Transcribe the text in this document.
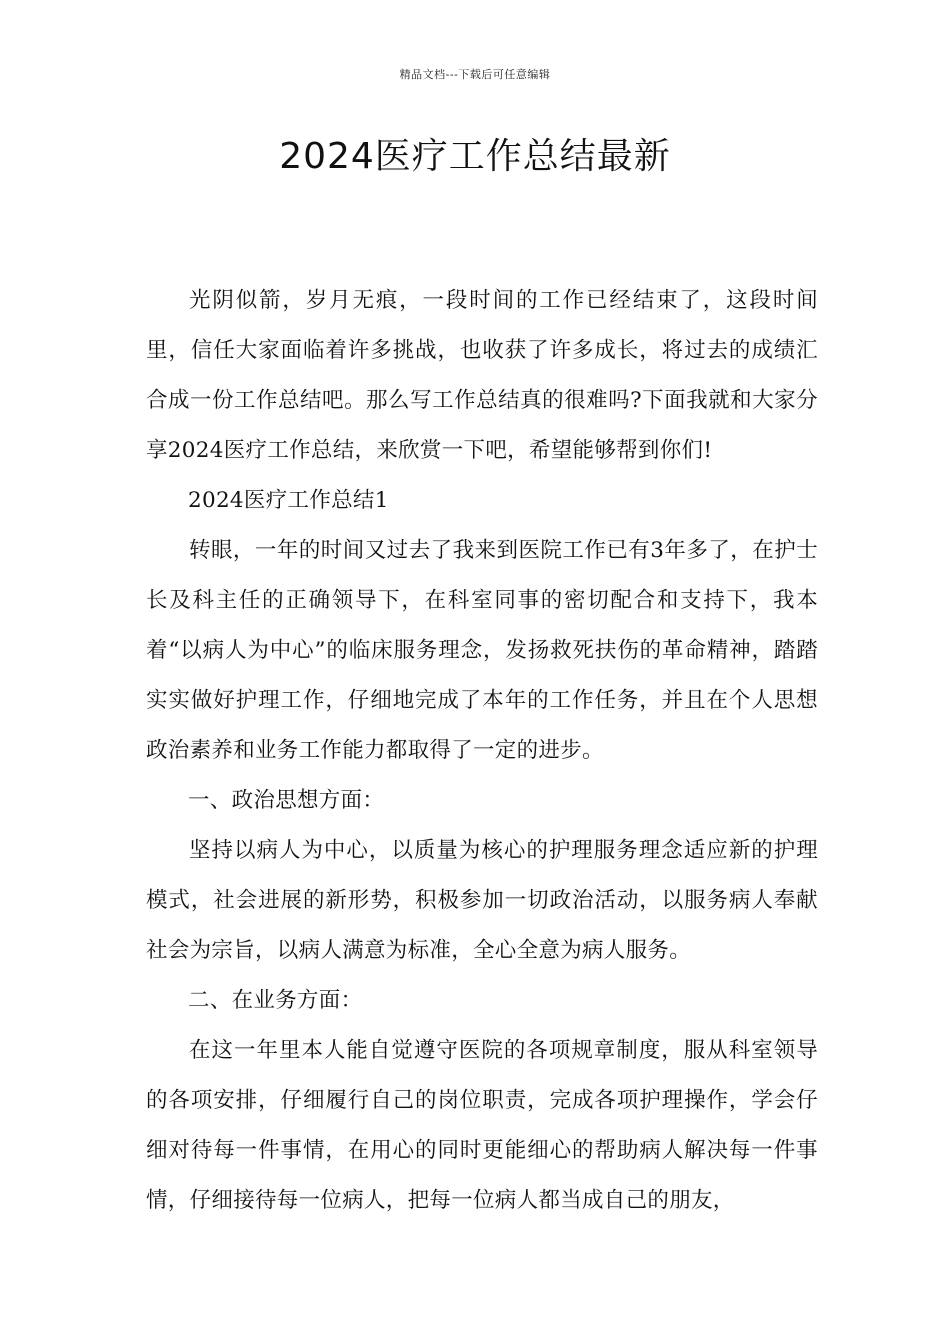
精品文档---下载后可任意编辑
2024医疗工作总结最新

光阴似箭，岁月无痕，一段时间的工作已经结束了，这段时间里，信任大家面临着许多挑战，也收获了许多成长，将过去的成绩汇合成一份工作总结吧。那么写工作总结真的很难吗?下面我就和大家分享2024医疗工作总结，来欣赏一下吧，希望能够帮到你们!

2024医疗工作总结1

转眼，一年的时间又过去了我来到医院工作已有3年多了，在护士长及科主任的正确领导下，在科室同事的密切配合和支持下，我本着“以病人为中心”的临床服务理念，发扬救死扶伤的革命精神，踏踏实实做好护理工作，仔细地完成了本年的工作任务，并且在个人思想政治素养和业务工作能力都取得了一定的进步。

一、政治思想方面：

坚持以病人为中心，以质量为核心的护理服务理念适应新的护理模式，社会进展的新形势，积极参加一切政治活动，以服务病人奉献社会为宗旨，以病人满意为标准，全心全意为病人服务。

二、在业务方面：

在这一年里本人能自觉遵守医院的各项规章制度，服从科室领导的各项安排，仔细履行自己的岗位职责，完成各项护理操作，学会仔细对待每一件事情，在用心的同时更能细心的帮助病人解决每一件事情，仔细接待每一位病人，把每一位病人都当成自己的朋友，
